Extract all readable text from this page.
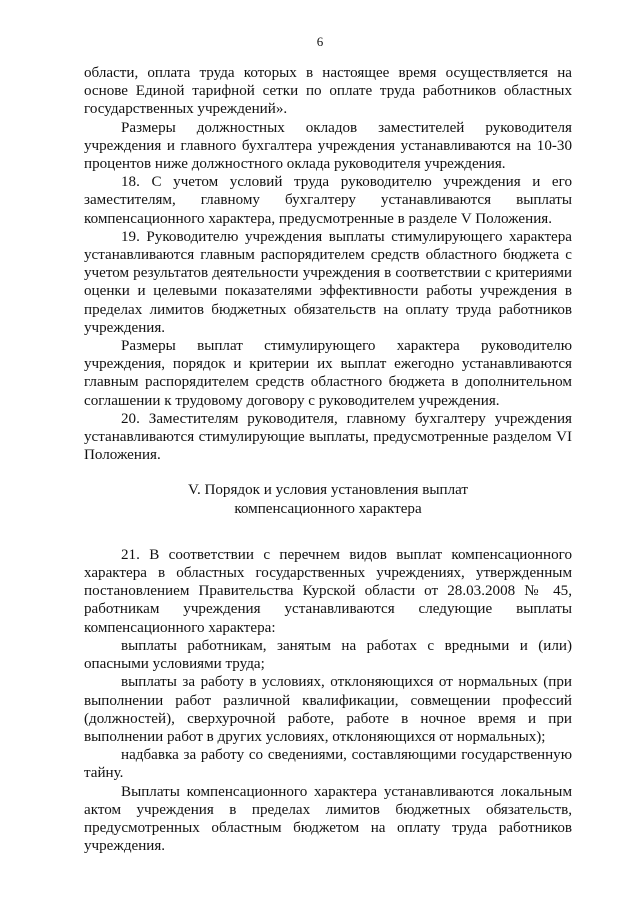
6

области, оплата труда которых в настоящее время осуществляется на основе Единой тарифной сетки по оплате труда работников областных государственных учреждений».

Размеры должностных окладов заместителей руководителя учреждения и главного бухгалтера учреждения устанавливаются на 10-30 процентов ниже должностного оклада руководителя учреждения.

18. С учетом условий труда руководителю учреждения и его заместителям, главному бухгалтеру устанавливаются выплаты компенсационного характера, предусмотренные в разделе V Положения.

19. Руководителю учреждения выплаты стимулирующего характера устанавливаются главным распорядителем средств областного бюджета с учетом результатов деятельности учреждения в соответствии с критериями оценки и целевыми показателями эффективности работы учреждения в пределах лимитов бюджетных обязательств на оплату труда работников учреждения.

Размеры выплат стимулирующего характера руководителю учреждения, порядок и критерии их выплат ежегодно устанавливаются главным распорядителем средств областного бюджета в дополнительном соглашении к трудовому договору с руководителем учреждения.

20. Заместителям руководителя, главному бухгалтеру учреждения устанавливаются стимулирующие выплаты, предусмотренные разделом VI Положения.

V. Порядок и условия установления выплат
компенсационного характера

21. В соответствии с перечнем видов выплат компенсационного характера в областных государственных учреждениях, утвержденным постановлением Правительства Курской области от 28.03.2008 № 45, работникам учреждения устанавливаются следующие выплаты компенсационного характера:

выплаты работникам, занятым на работах с вредными и (или) опасными условиями труда;

выплаты за работу в условиях, отклоняющихся от нормальных (при выполнении работ различной квалификации, совмещении профессий (должностей), сверхурочной работе, работе в ночное время и при выполнении работ в других условиях, отклоняющихся от нормальных);

надбавка за работу со сведениями, составляющими государственную тайну.

Выплаты компенсационного характера устанавливаются локальным актом учреждения в пределах лимитов бюджетных обязательств, предусмотренных областным бюджетом на оплату труда работников учреждения.
